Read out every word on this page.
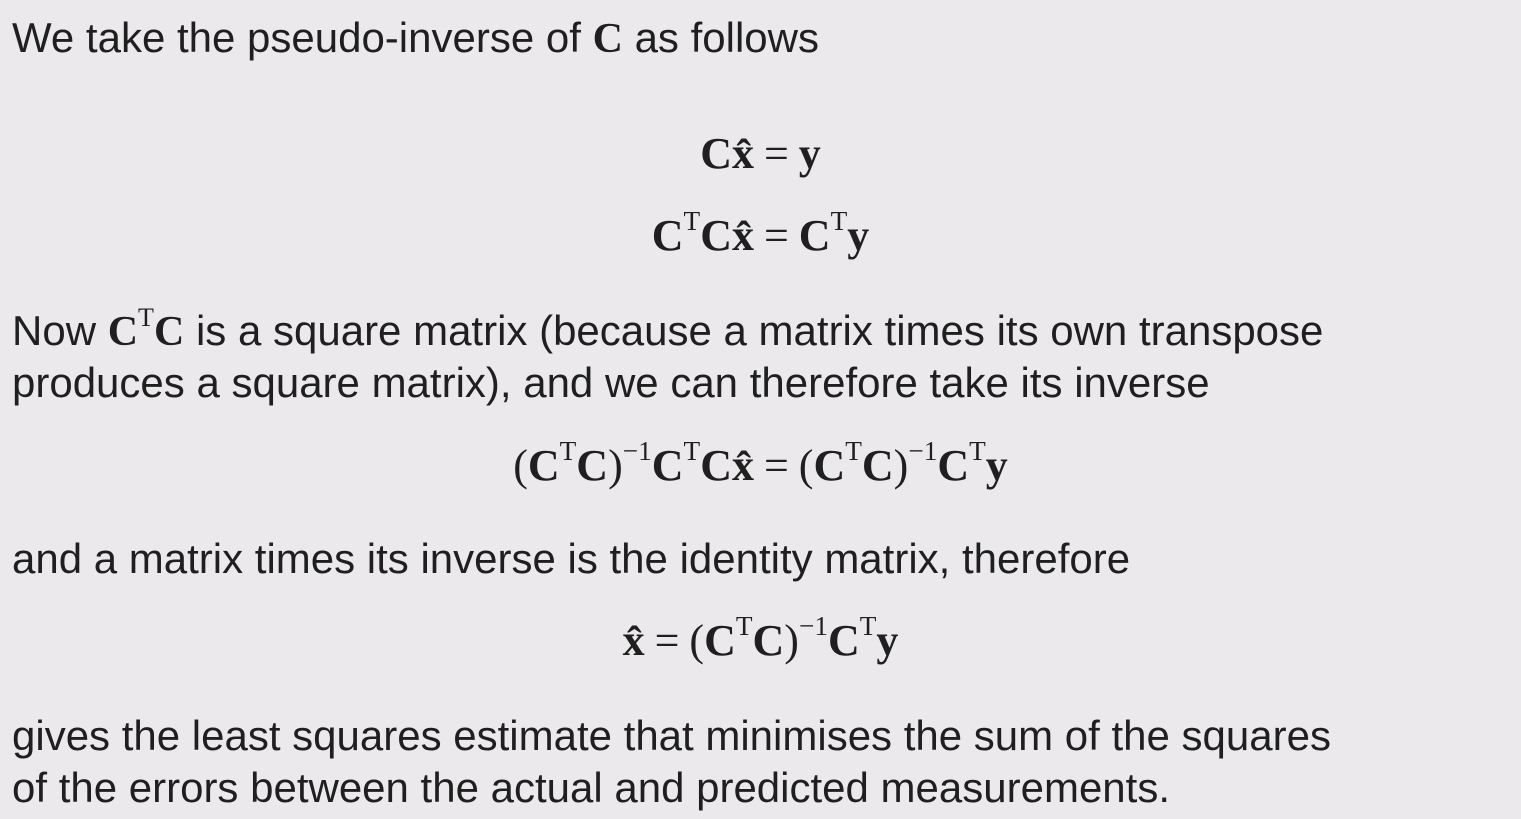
We take the pseudo-inverse of C as follows
Cx̂ = y
$C^TCx̂ = C^Ty$
Now $C^TC$ is a square matrix (because a matrix times its own transpose
produces a square matrix), and we can therefore take its inverse
$(C^TC)^{-1}C^TCx̂ = (C^TC)^{-1}C^Ty$
and a matrix times its inverse is the identity matrix, therefore
x̂ = $(C^TC)^{-1}C^Ty$
gives the least squares estimate that minimises the sum of the squares
of the errors between the actual and predicted measurements.
